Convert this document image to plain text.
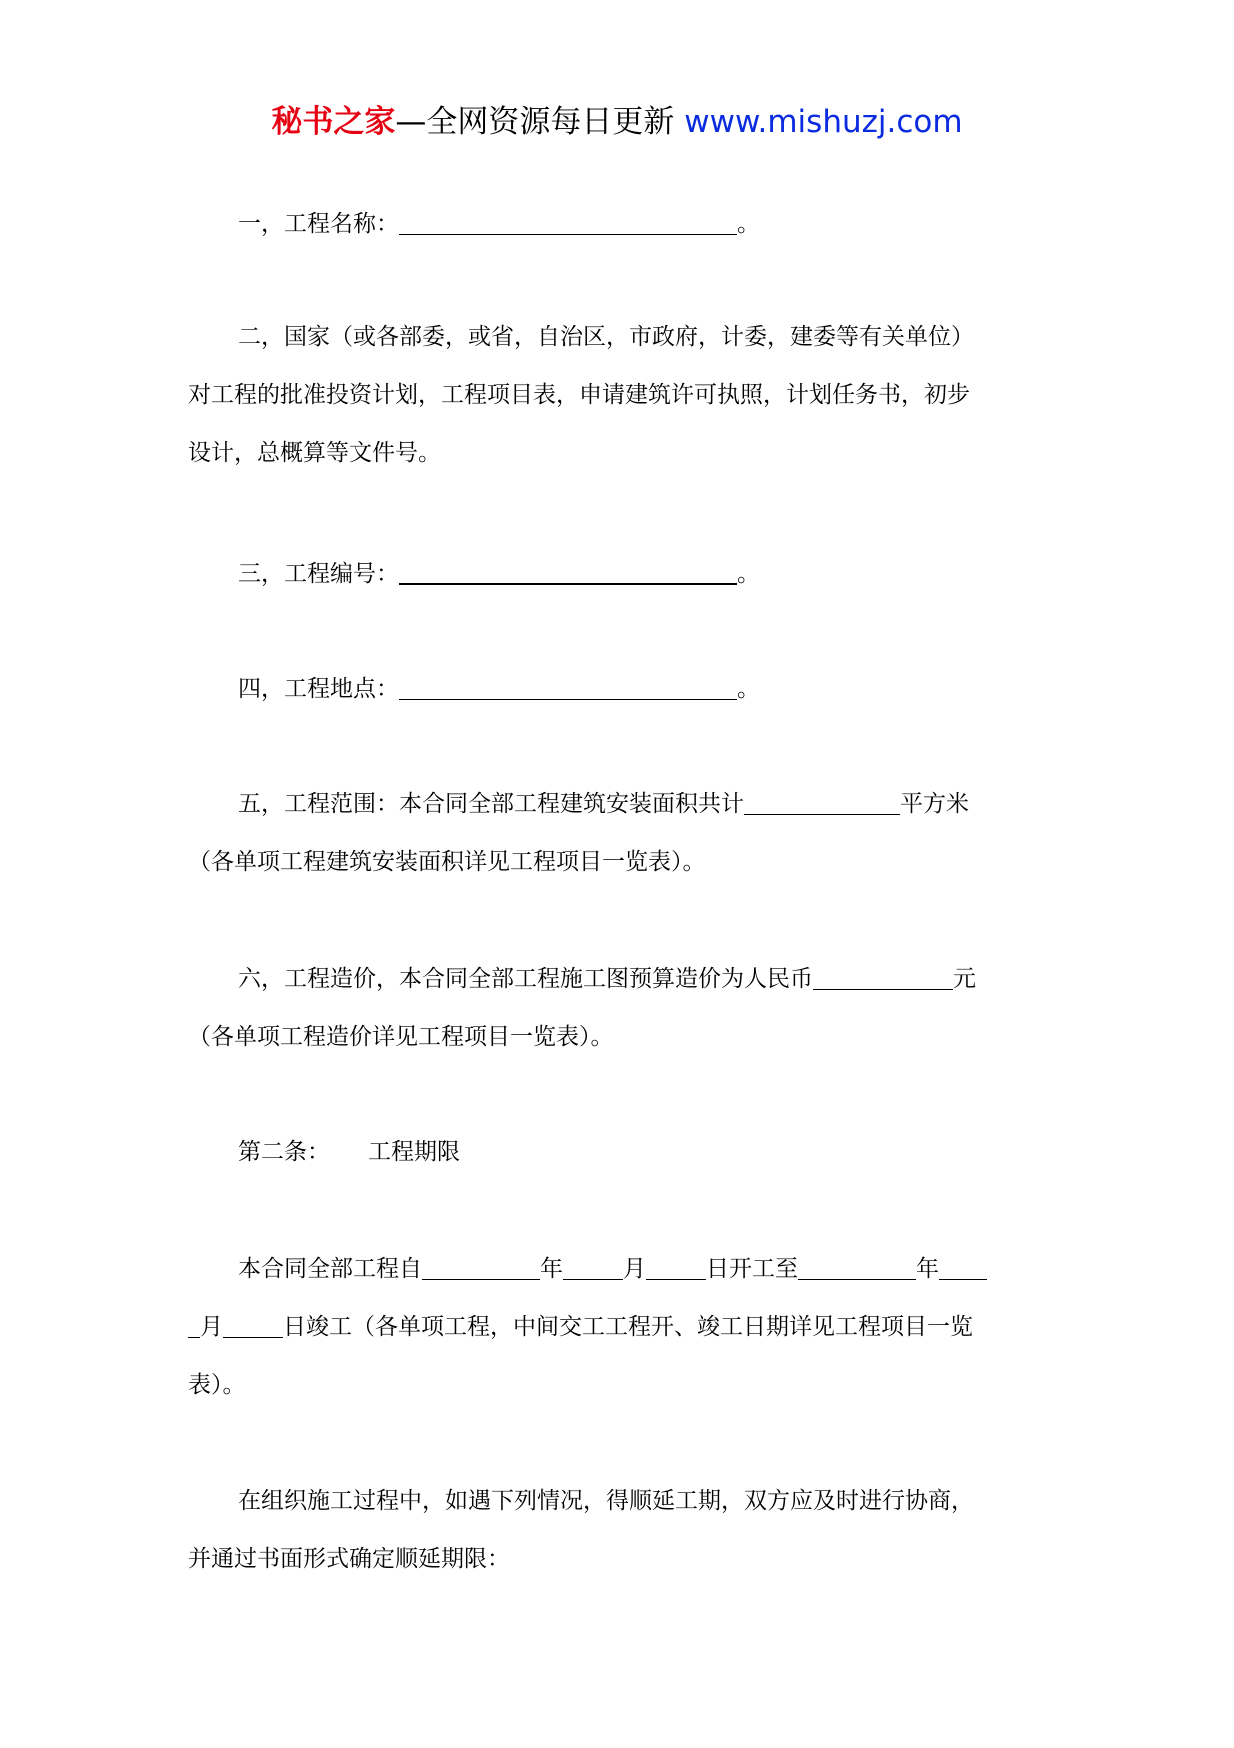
秘书之家—全网资源每日更新 www.mishuzj.com
一，工程名称：	。
二，国家（或各部委，或省，自治区，市政府，计委，建委等有关单位）
对工程的批准投资计划，工程项目表，申请建筑许可执照，计划任务书，初步
设计，总概算等文件号。
三，工程编号：	。
四，工程地点：	。
五，工程范围：本合同全部工程建筑安装面积共计	平方米
（各单项工程建筑安装面积详见工程项目一览表）。
六，工程造价，本合同全部工程施工图预算造价为人民币	元
（各单项工程造价详见工程项目一览表）。
第二条： 工程期限
本合同全部工程自	年	月	日开工至	年
月	日竣工（各单项工程，中间交工工程开、竣工日期详见工程项目一览
表）。
在组织施工过程中，如遇下列情况，得顺延工期，双方应及时进行协商，
并通过书面形式确定顺延期限：
